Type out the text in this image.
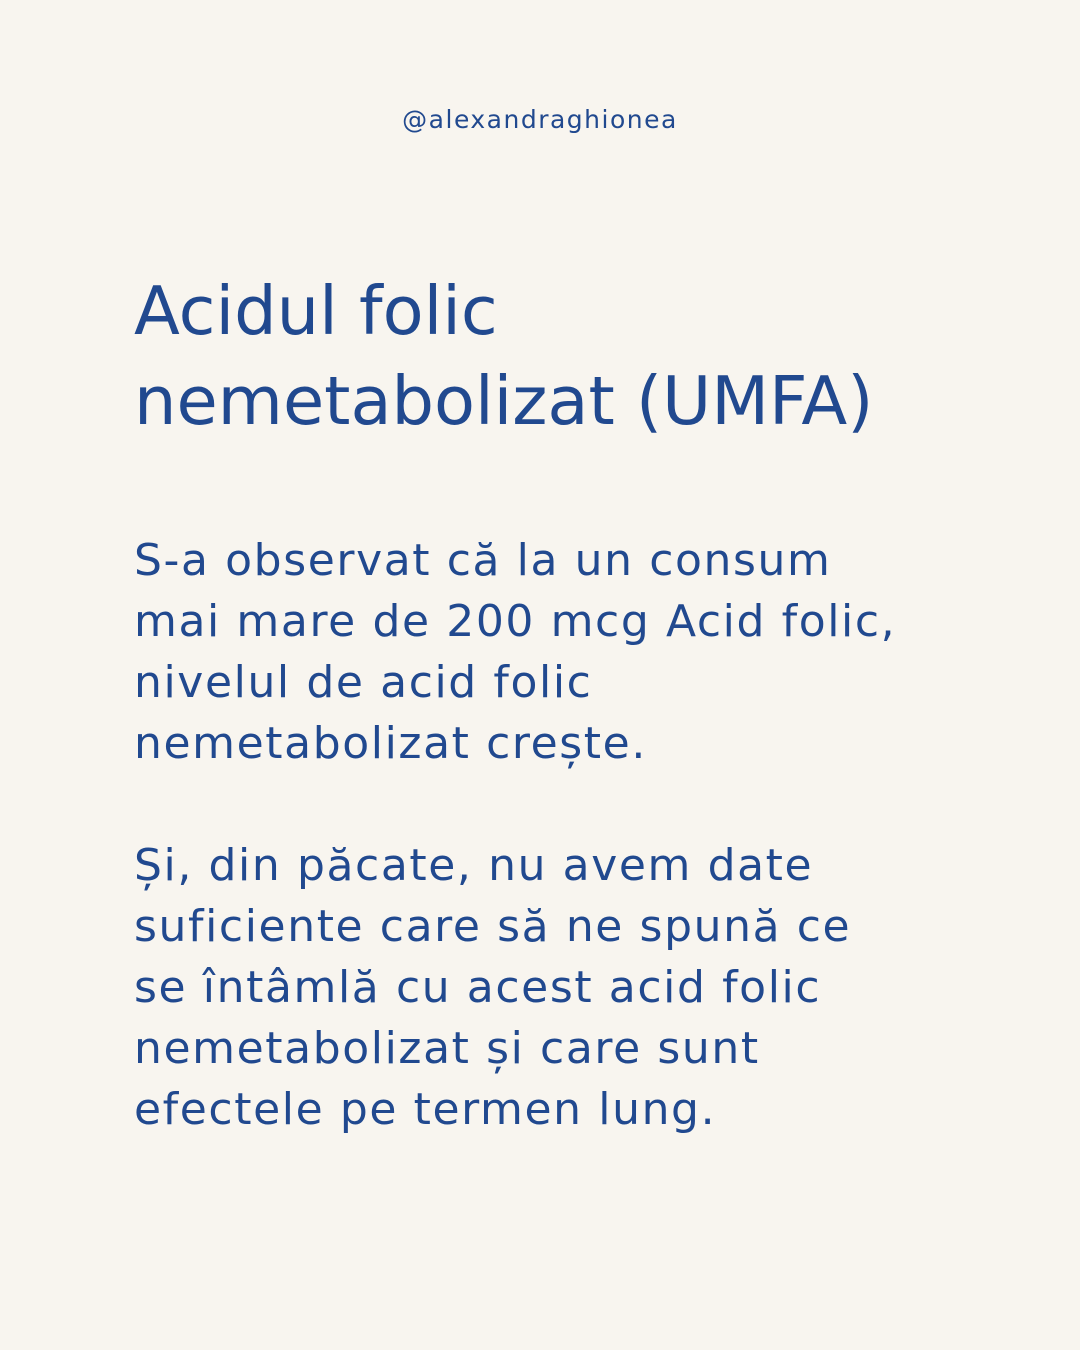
@alexandraghionea
Acidul folic
nemetabolizat (UMFA)

S-a observat că la un consum
mai mare de 200 mcg Acid folic,
nivelul de acid folic
nemetabolizat crește.

Și, din păcate, nu avem date
suficiente care să ne spună ce
se întâmlă cu acest acid folic
nemetabolizat și care sunt
efectele pe termen lung.
